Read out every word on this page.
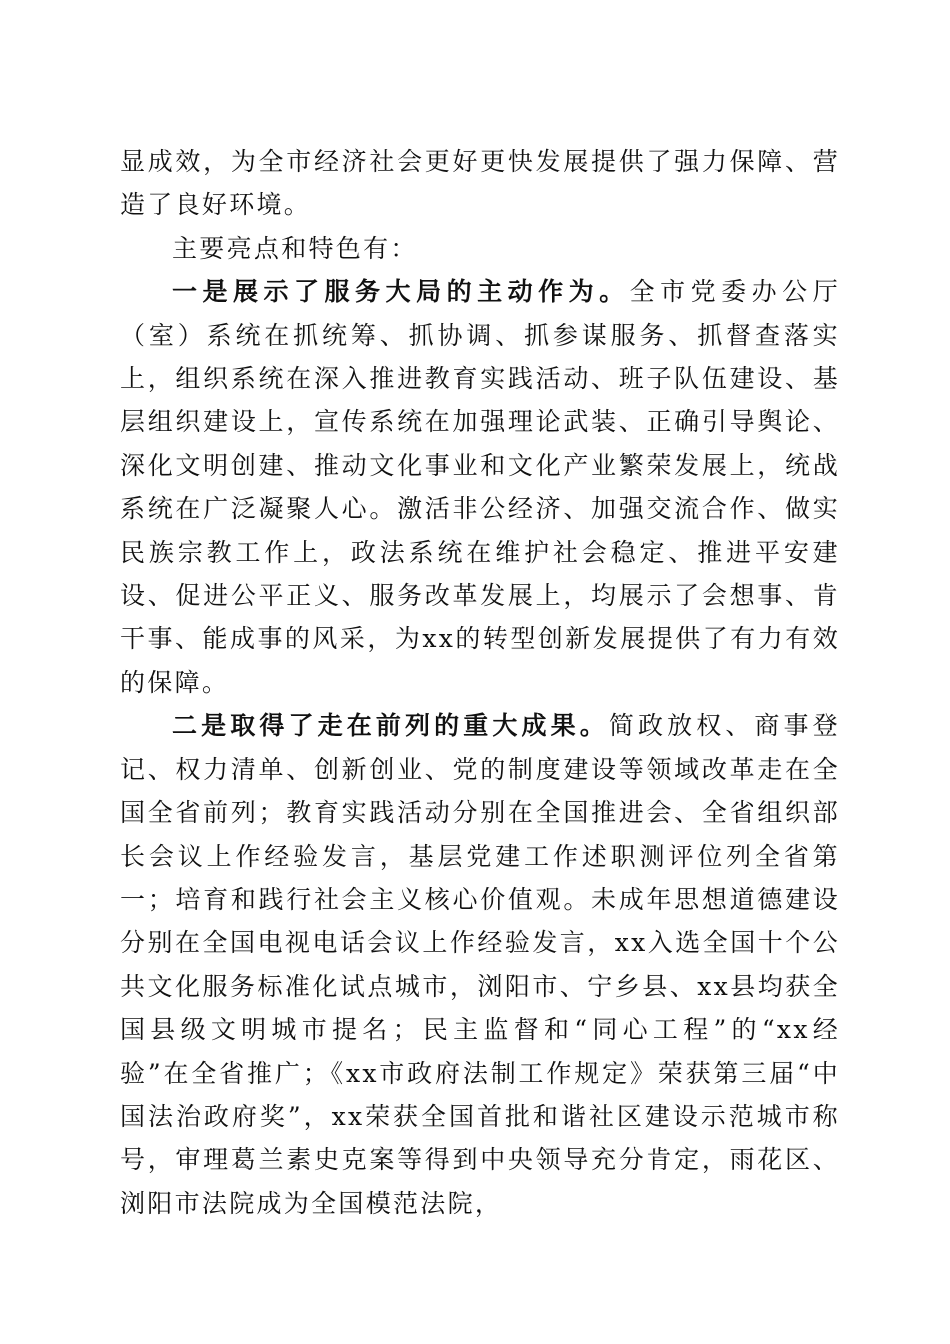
显成效，为全市经济社会更好更快发展提供了强力保障、营造了良好环境。

主要亮点和特色有：

一是展示了服务大局的主动作为。全市党委办公厅（室）系统在抓统筹、抓协调、抓参谋服务、抓督查落实上，组织系统在深入推进教育实践活动、班子队伍建设、基层组织建设上，宣传系统在加强理论武装、正确引导舆论、深化文明创建、推动文化事业和文化产业繁荣发展上，统战系统在广泛凝聚人心。激活非公经济、加强交流合作、做实民族宗教工作上，政法系统在维护社会稳定、推进平安建设、促进公平正义、服务改革发展上，均展示了会想事、肯干事、能成事的风采，为xx的转型创新发展提供了有力有效的保障。

二是取得了走在前列的重大成果。简政放权、商事登记、权力清单、创新创业、党的制度建设等领域改革走在全国全省前列；教育实践活动分别在全国推进会、全省组织部长会议上作经验发言，基层党建工作述职测评位列全省第一；培育和践行社会主义核心价值观。未成年思想道德建设分别在全国电视电话会议上作经验发言，xx入选全国十个公共文化服务标准化试点城市，浏阳市、宁乡县、xx县均获全国县级文明城市提名；民主监督和“同心工程”的“xx经验”在全省推广；《xx市政府法制工作规定》荣获第三届“中国法治政府奖”，xx荣获全国首批和谐社区建设示范城市称号，审理葛兰素史克案等得到中央领导充分肯定，雨花区、浏阳市法院成为全国模范法院，
